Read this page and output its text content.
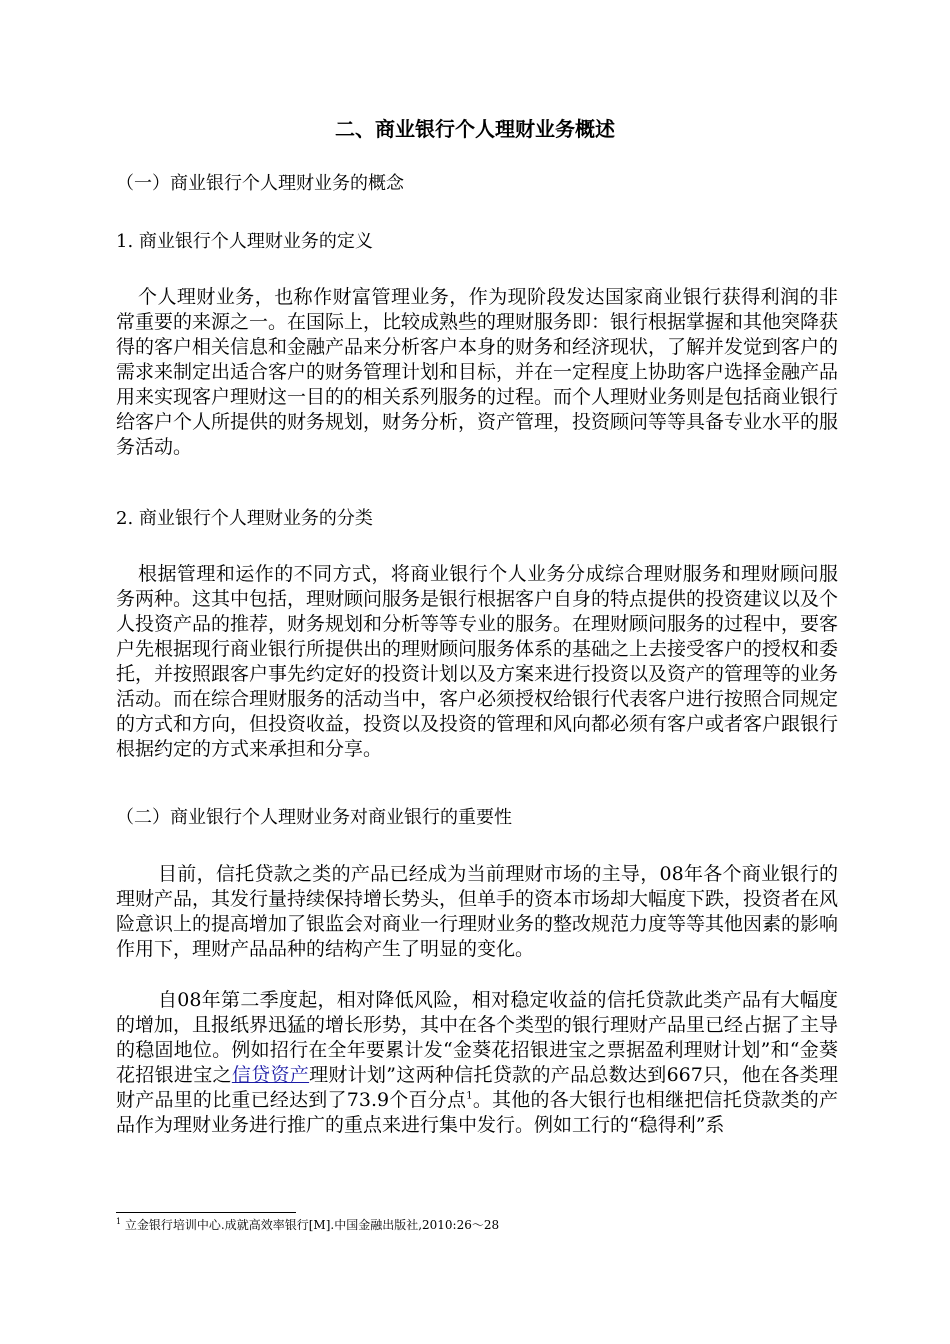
二、商业银行个人理财业务概述
（一）商业银行个人理财业务的概念
1. 商业银行个人理财业务的定义
个人理财业务，也称作财富管理业务，作为现阶段发达国家商业银行获得利润的非常重要的来源之一。在国际上，比较成熟些的理财服务即：银行根据掌握和其他突降获得的客户相关信息和金融产品来分析客户本身的财务和经济现状，了解并发觉到客户的需求来制定出适合客户的财务管理计划和目标，并在一定程度上协助客户选择金融产品用来实现客户理财这一目的的相关系列服务的过程。而个人理财业务则是包括商业银行给客户个人所提供的财务规划，财务分析，资产管理，投资顾问等等具备专业水平的服务活动。
2. 商业银行个人理财业务的分类
根据管理和运作的不同方式，将商业银行个人业务分成综合理财服务和理财顾问服务两种。这其中包括，理财顾问服务是银行根据客户自身的特点提供的投资建议以及个人投资产品的推荐，财务规划和分析等等专业的服务。在理财顾问服务的过程中，要客户先根据现行商业银行所提供出的理财顾问服务体系的基础之上去接受客户的授权和委托，并按照跟客户事先约定好的投资计划以及方案来进行投资以及资产的管理等的业务活动。而在综合理财服务的活动当中，客户必须授权给银行代表客户进行按照合同规定的方式和方向，但投资收益，投资以及投资的管理和风向都必须有客户或者客户跟银行根据约定的方式来承担和分享。
（二）商业银行个人理财业务对商业银行的重要性
目前，信托贷款之类的产品已经成为当前理财市场的主导，08年各个商业银行的理财产品，其发行量持续保持增长势头，但单手的资本市场却大幅度下跌，投资者在风险意识上的提高增加了银监会对商业一行理财业务的整改规范力度等等其他因素的影响作用下，理财产品品种的结构产生了明显的变化。
自08年第二季度起，相对降低风险，相对稳定收益的信托贷款此类产品有大幅度的增加，且报纸界迅猛的增长形势，其中在各个类型的银行理财产品里已经占据了主导的稳固地位。例如招行在全年要累计发“金葵花招银进宝之票据盈利理财计划”和“金葵花招银进宝之信贷资产理财计划”这两种信托贷款的产品总数达到667只，他在各类理财产品里的比重已经达到了73.9个百分点$^1$。其他的各大银行也相继把信托贷款类的产品作为理财业务进行推广的重点来进行集中发行。例如工行的“稳得利”系
$^1$ 立金银行培训中心.成就高效率银行[M].中国金融出版社,2010:26～28
